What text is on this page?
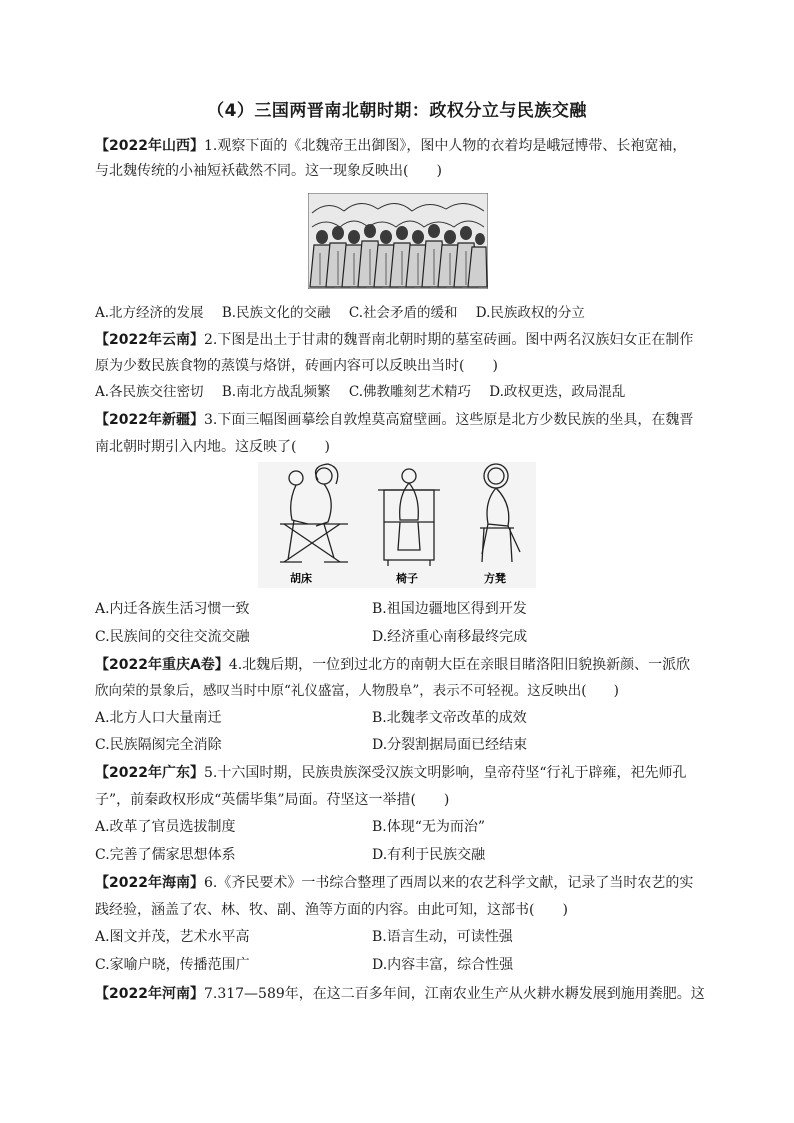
（4）三国两晋南北朝时期：政权分立与民族交融
【2022年山西】1.观察下面的《北魏帝王出御图》，图中人物的衣着均是峨冠博带、长袍宽袖，
与北魏传统的小袖短袄截然不同。这一现象反映出(　　)
A.北方经济的发展 B.民族文化的交融 C.社会矛盾的缓和 D.民族政权的分立
【2022年云南】2.下图是出土于甘肃的魏晋南北朝时期的墓室砖画。图中两名汉族妇女正在制作
原为少数民族食物的蒸馍与烙饼，砖画内容可以反映出当时(　　)
A.各民族交往密切 B.南北方战乱频繁 C.佛教雕刻艺术精巧 D.政权更迭，政局混乱
【2022年新疆】3.下面三幅图画摹绘自敦煌莫高窟壁画。这些原是北方少数民族的坐具，在魏晋
南北朝时期引入内地。这反映了(　　)
胡床	椅子	方凳
A.内迁各族生活习惯一致	B.祖国边疆地区得到开发
C.民族间的交往交流交融	D.经济重心南移最终完成
【2022年重庆A卷】4.北魏后期，一位到过北方的南朝大臣在亲眼目睹洛阳旧貌换新颜、一派欣
欣向荣的景象后，感叹当时中原“礼仪盛富，人物殷阜”，表示不可轻视。这反映出(　　)
A.北方人口大量南迁	B.北魏孝文帝改革的成效
C.民族隔阂完全消除	D.分裂割据局面已经结束
【2022年广东】5.十六国时期，民族贵族深受汉族文明影响，皇帝苻坚“行礼于辟雍，祀先师孔
子”，前秦政权形成“英儒毕集”局面。苻坚这一举措(　　)
A.改革了官员选拔制度	B.体现“无为而治”
C.完善了儒家思想体系	D.有利于民族交融
【2022年海南】6.《齐民要术》一书综合整理了西周以来的农艺科学文献，记录了当时农艺的实
践经验，涵盖了农、林、牧、副、渔等方面的内容。由此可知，这部书(　　)
A.图文并茂，艺术水平高	B.语言生动，可读性强
C.家喻户晓，传播范围广	D.内容丰富，综合性强
【2022年河南】7.317—589年，在这二百多年间，江南农业生产从火耕水耨发展到施用粪肥。这
